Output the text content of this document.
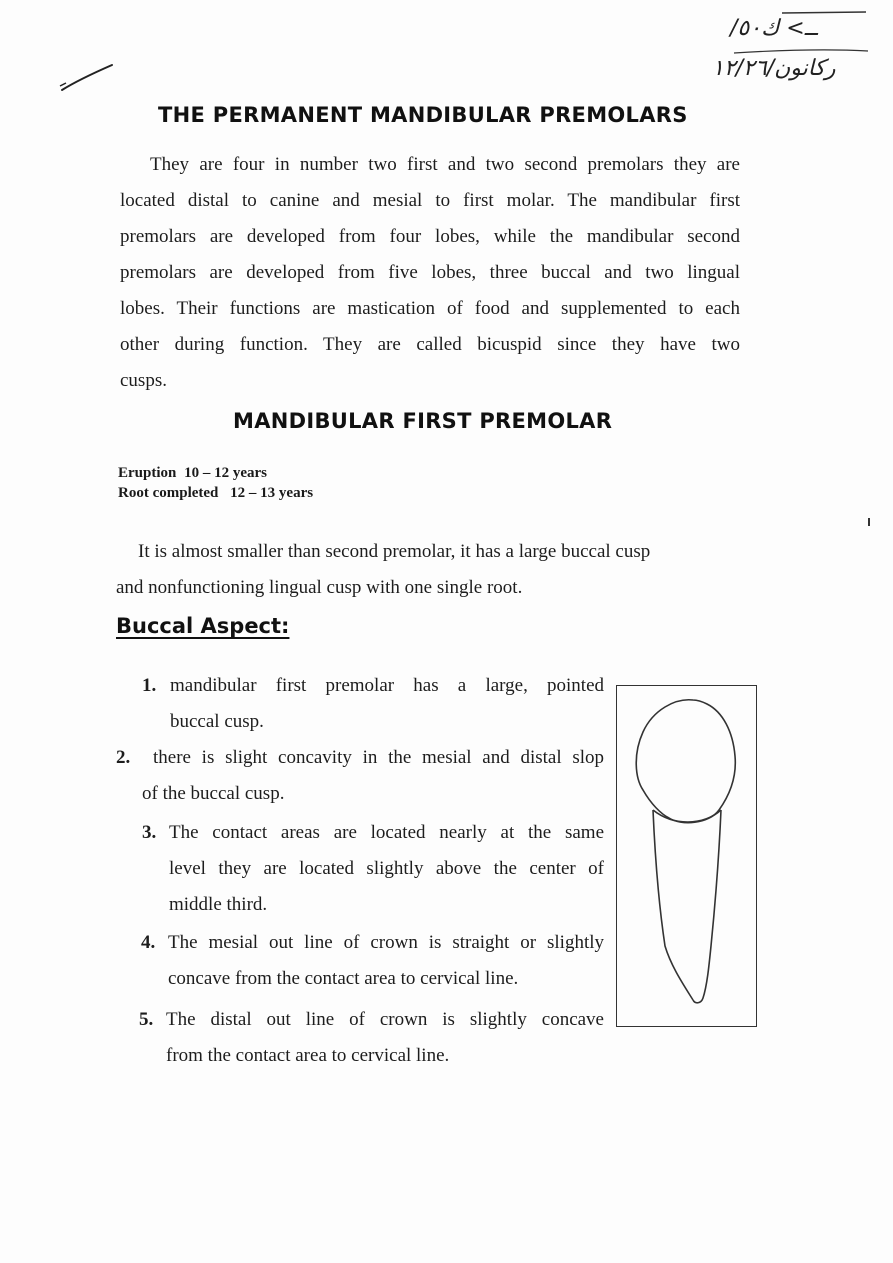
/ــ> ك٥٠
رکانون/١٢/٢٦
THE PERMANENT MANDIBULAR PREMOLARS
They are four in number two first and two second premolars they are
located distal to canine and mesial to first molar. The mandibular first
premolars are developed from four lobes, while the mandibular second
premolars are developed from five lobes, three buccal and two lingual
lobes. Their functions are mastication of food and supplemented to each
other during function. They are called bicuspid since they have two
cusps.
MANDIBULAR FIRST PREMOLAR
Eruption 10 – 12 years
Root completed 12 – 13 years
It is almost smaller than second premolar, it has a large buccal cusp
and nonfunctioning lingual cusp with one single root.
Buccal Aspect:
1. mandibular first premolar has a large, pointed
buccal cusp.
2.	there is slight concavity in the mesial and distal slop
of the buccal cusp.
3. The contact areas are located nearly at the same
level they are located slightly above the center of
middle third.
4. The mesial out line of crown is straight or slightly
concave from the contact area to cervical line.
5. The distal out line of crown is slightly concave
from the contact area to cervical line.
